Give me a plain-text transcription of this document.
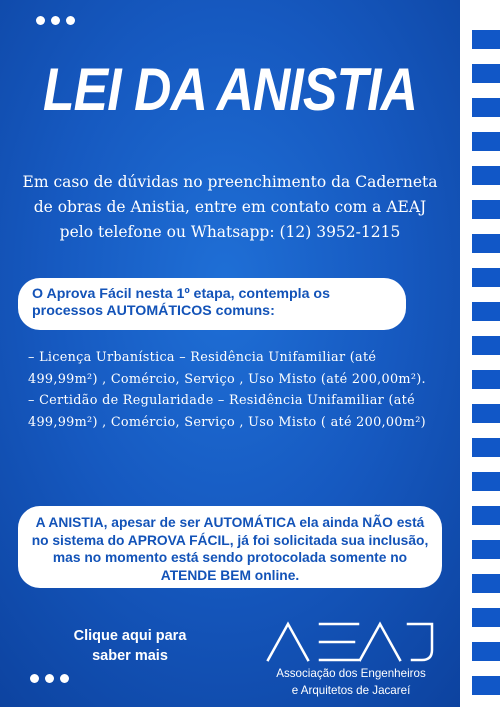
LEI DA ANISTIA
Em caso de dúvidas no preenchimento da Caderneta de obras de Anistia, entre em contato com a AEAJ pelo telefone ou Whatsapp: (12) 3952-1215

O Aprova Fácil nesta 1º etapa, contempla os processos AUTOMÁTICOS comuns:

– Licença Urbanística – Residência Unifamiliar (até 499,99m²) , Comércio, Serviço , Uso Misto (até 200,00m²).

– Certidão de Regularidade – Residência Unifamiliar (até 499,99m²) , Comércio, Serviço , Uso Misto ( até 200,00m²)

A ANISTIA, apesar de ser AUTOMÁTICA ela ainda NÃO está no sistema do APROVA FÁCIL, já foi solicitada sua inclusão, mas no momento está sendo protocolada somente no ATENDE BEM online.

Clique aqui para saber mais
Associação dos Engenheiros
e Arquitetos de Jacareí
